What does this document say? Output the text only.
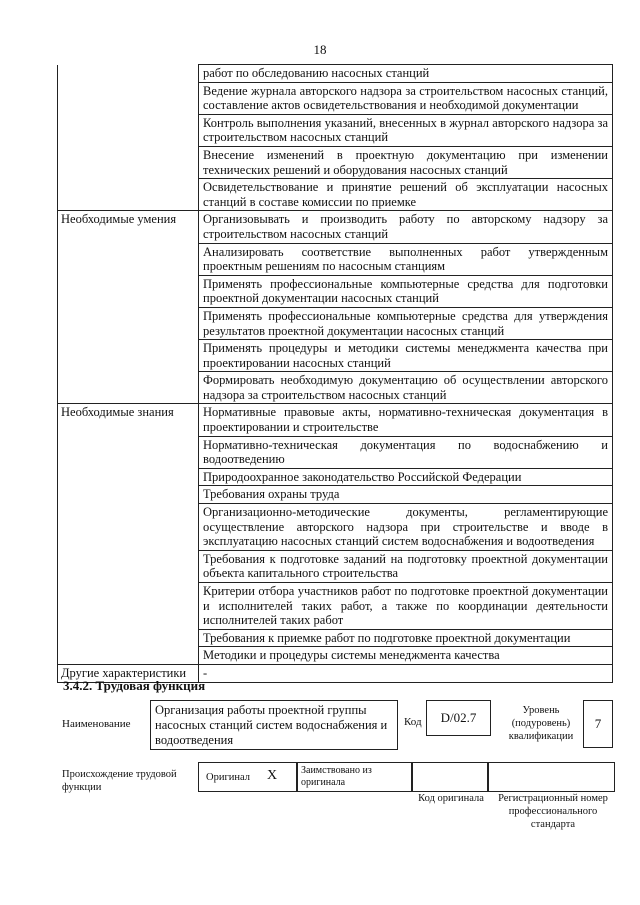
18
	работ по обследованию насосных станций
	Ведение журнала авторского надзора за строительством насосных станций, составление актов освидетельствования и необходимой документации
	Контроль выполнения указаний, внесенных в журнал авторского надзора за строительством насосных станций
	Внесение изменений в проектную документацию при изменении технических решений и оборудования насосных станций
	Освидетельствование и принятие решений об эксплуатации насосных станций в составе комиссии по приемке
Необходимые умения	Организовывать и производить работу по авторскому надзору за строительством насосных станций
	Анализировать соответствие выполненных работ утвержденным проектным решениям по насосным станциям
	Применять профессиональные компьютерные средства для подготовки проектной документации насосных станций
	Применять профессиональные компьютерные средства для утверждения результатов проектной документации насосных станций
	Применять процедуры и методики системы менеджмента качества при проектировании насосных станций
	Формировать необходимую документацию об осуществлении авторского надзора за строительством насосных станций
Необходимые знания	Нормативные правовые акты, нормативно-техническая документация в проектировании и строительстве
	Нормативно-техническая документация по водоснабжению и водоотведению
	Природоохранное законодательство Российской Федерации
	Требования охраны труда
	Организационно-методические документы, регламентирующие осуществление авторского надзора при строительстве и вводе в эксплуатацию насосных станций систем водоснабжения и водоотведения
	Требования к подготовке заданий на подготовку проектной документации объекта капитального строительства
	Критерии отбора участников работ по подготовке проектной документации и исполнителей таких работ, а также по координации деятельности исполнителей таких работ
	Требования к приемке работ по подготовке проектной документации
	Методики и процедуры системы менеджмента качества
Другие характеристики	-
3.4.2. Трудовая функция
Наименование
Организация работы проектной группы насосных станций систем водоснабжения и водоотведения
Код	D/02.7	Уровень (подуровень) квалификации
7
Происхождение трудовой функции
Оригинал X Заимствовано из оригинала
Код оригинала	Регистрационный номер профессионального стандарта
